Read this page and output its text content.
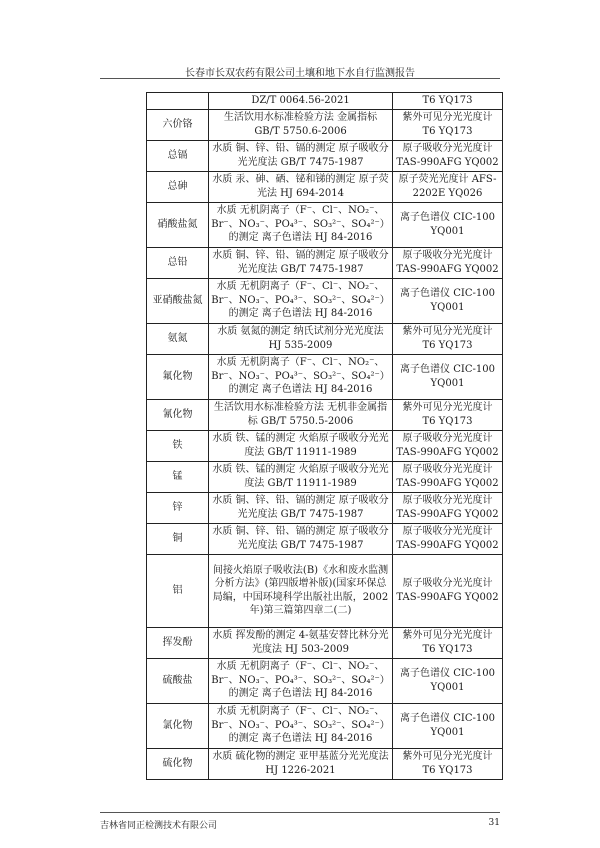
长春市长双农药有限公司土壤和地下水自行监测报告
	DZ/T 0064.56-2021	T6 YQ173
六价铬	生活饮用水标准检验方法 金属指标 GB/T 5750.6-2006	紫外可见分光光度计 T6 YQ173
总镉	水质 铜、锌、铅、镉的测定 原子吸收分光光度法 GB/T 7475-1987	原子吸收分光光度计 TAS-990AFG YQ002
总砷	水质 汞、砷、硒、铋和锑的测定 原子荧光法 HJ 694-2014	原子荧光光度计 AFS-2202E YQ026
硝酸盐氮	水质 无机阴离子（F⁻、Cl⁻、NO₂⁻、Br⁻、NO₃⁻、PO₄³⁻、SO₃²⁻、SO₄²⁻）的测定 离子色谱法 HJ 84-2016	离子色谱仪 CIC-100 YQ001
总铅	水质 铜、锌、铅、镉的测定 原子吸收分光光度法 GB/T 7475-1987	原子吸收分光光度计 TAS-990AFG YQ002
亚硝酸盐氮	水质 无机阴离子（F⁻、Cl⁻、NO₂⁻、Br⁻、NO₃⁻、PO₄³⁻、SO₃²⁻、SO₄²⁻）的测定 离子色谱法 HJ 84-2016	离子色谱仪 CIC-100 YQ001
氨氮	水质 氨氮的测定 纳氏试剂分光光度法 HJ 535-2009	紫外可见分光光度计 T6 YQ173
氟化物	水质 无机阴离子（F⁻、Cl⁻、NO₂⁻、Br⁻、NO₃⁻、PO₄³⁻、SO₃²⁻、SO₄²⁻）的测定 离子色谱法 HJ 84-2016	离子色谱仪 CIC-100 YQ001
氰化物	生活饮用水标准检验方法 无机非金属指标 GB/T 5750.5-2006	紫外可见分光光度计 T6 YQ173
铁	水质 铁、锰的测定 火焰原子吸收分光光度法 GB/T 11911-1989	原子吸收分光光度计 TAS-990AFG YQ002
锰	水质 铁、锰的测定 火焰原子吸收分光光度法 GB/T 11911-1989	原子吸收分光光度计 TAS-990AFG YQ002
锌	水质 铜、锌、铅、镉的测定 原子吸收分光光度法 GB/T 7475-1987	原子吸收分光光度计 TAS-990AFG YQ002
铜	水质 铜、锌、铅、镉的测定 原子吸收分光光度法 GB/T 7475-1987	原子吸收分光光度计 TAS-990AFG YQ002
铝	间接火焰原子吸收法(B)《水和废水监测分析方法》(第四版增补版)(国家环保总局编，中国环境科学出版社出版，2002年)第三篇第四章二(二)	原子吸收分光光度计 TAS-990AFG YQ002
挥发酚	水质 挥发酚的测定 4-氨基安替比林分光光度法 HJ 503-2009	紫外可见分光光度计 T6 YQ173
硫酸盐	水质 无机阴离子（F⁻、Cl⁻、NO₂⁻、Br⁻、NO₃⁻、PO₄³⁻、SO₃²⁻、SO₄²⁻）的测定 离子色谱法 HJ 84-2016	离子色谱仪 CIC-100 YQ001
氯化物	水质 无机阴离子（F⁻、Cl⁻、NO₂⁻、Br⁻、NO₃⁻、PO₄³⁻、SO₃²⁻、SO₄²⁻）的测定 离子色谱法 HJ 84-2016	离子色谱仪 CIC-100 YQ001
硫化物	水质 硫化物的测定 亚甲基蓝分光光度法 HJ 1226-2021	紫外可见分光光度计 T6 YQ173
吉林省同正检测技术有限公司	31
